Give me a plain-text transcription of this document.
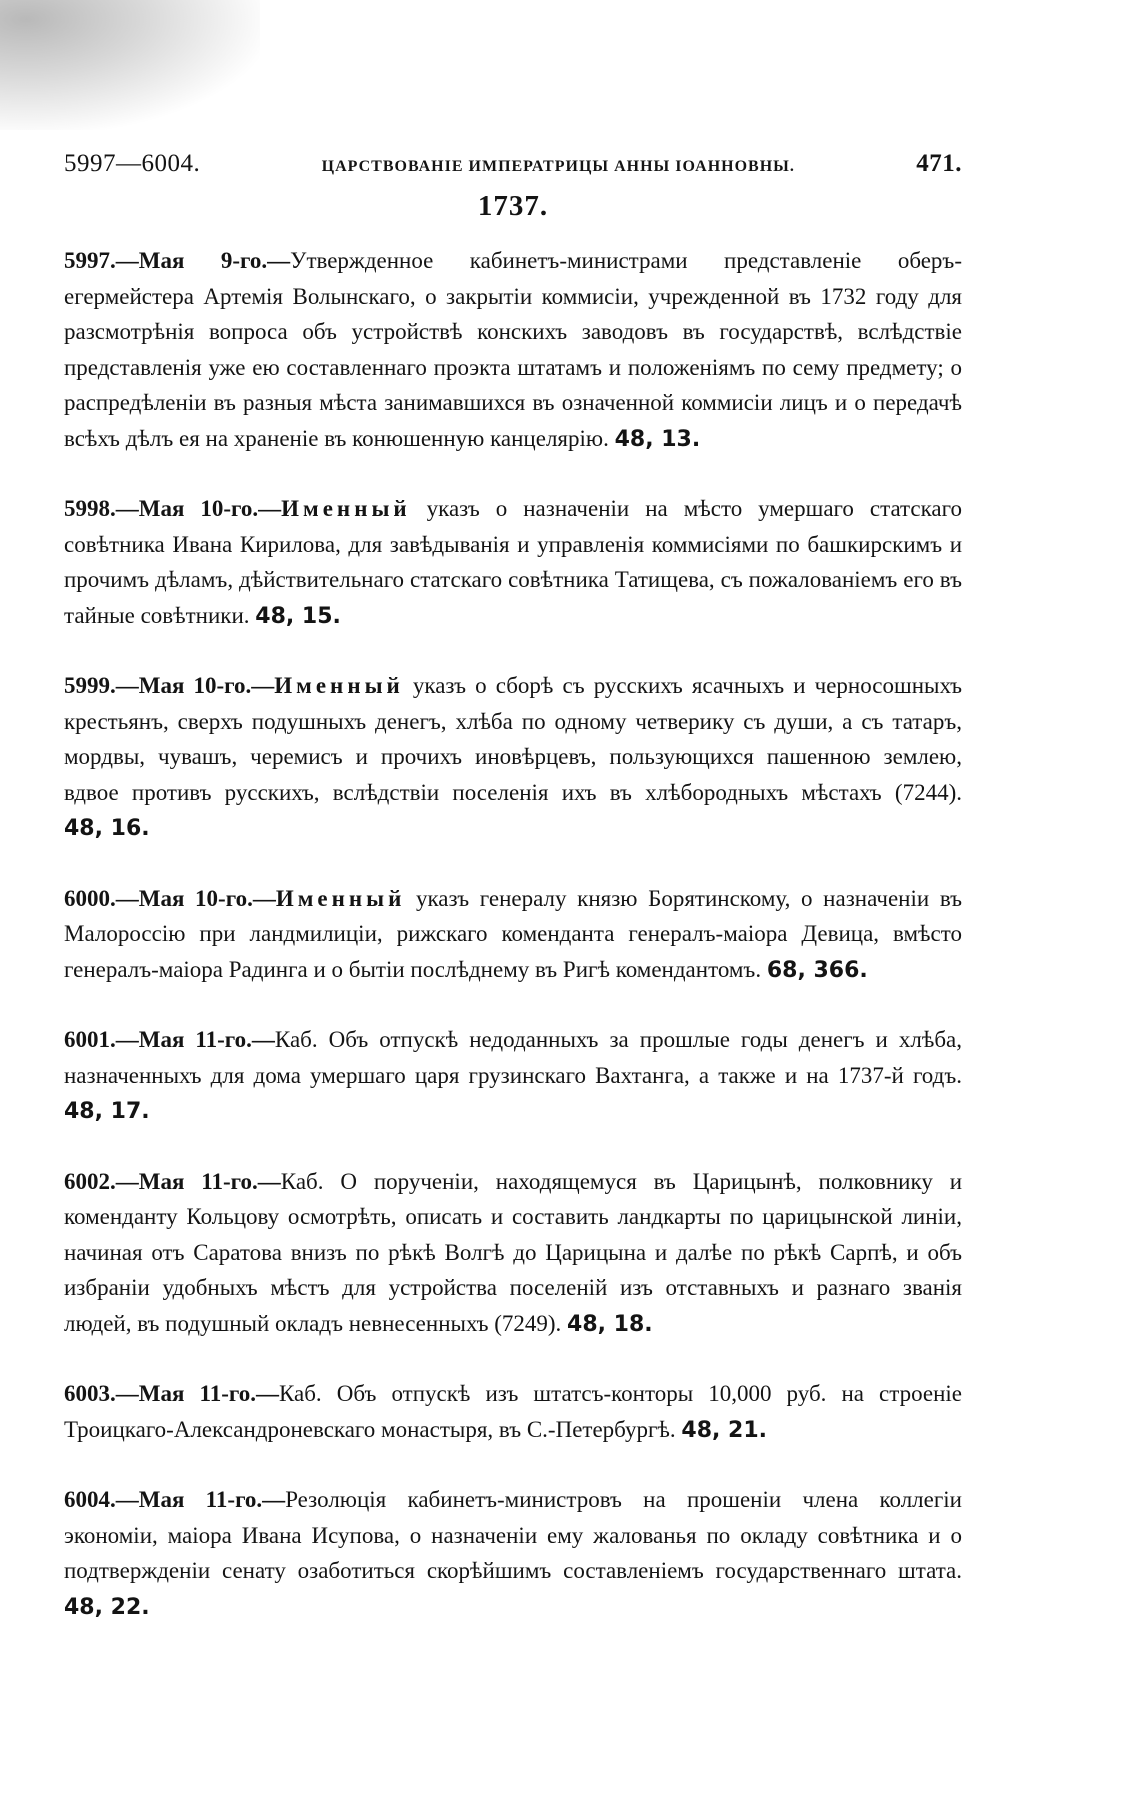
5997—6004.	ЦАРСТВОВАНІЕ ИМПЕРАТРИЦЫ АННЫ ІОАННОВНЫ.	471.
1737.
5997.—Мая 9-го.—Утвержденное кабинетъ-министрами представленіе оберъ-егермейстера Артемія Волынскаго, о закрытіи коммисіи, учрежденной въ 1732 году для разсмотрѣнія вопроса объ устройствѣ конскихъ заводовъ въ государствѣ, вслѣдствіе представленія уже ею составленнаго проэкта штатамъ и положеніямъ по сему предмету; о распредѣленіи въ разныя мѣста занимавшихся въ означенной коммисіи лицъ и о передачѣ всѣхъ дѣлъ ея на храненіе въ конюшенную канцелярію. 48, 13.
5998.—Мая 10-го.—Именный указъ о назначеніи на мѣсто умершаго статскаго совѣтника Ивана Кирилова, для завѣдыванія и управленія коммисіями по башкирскимъ и прочимъ дѣламъ, дѣйствительнаго статскаго совѣтника Татищева, съ пожалованіемъ его въ тайные совѣтники. 48, 15.
5999.—Мая 10-го.—Именный указъ о сборѣ съ русскихъ ясачныхъ и черносошныхъ крестьянъ, сверхъ подушныхъ денегъ, хлѣба по одному четверику съ души, а съ татаръ, мордвы, чувашъ, черемисъ и прочихъ иновѣрцевъ, пользующихся пашенною землею, вдвое противъ русскихъ, вслѣдствіи поселенія ихъ въ хлѣбородныхъ мѣстахъ (7244). 48, 16.
6000.—Мая 10-го.—Именный указъ генералу князю Борятинскому, о назначеніи въ Малороссію при ландмилиціи, рижскаго коменданта генералъ-маіора Девица, вмѣсто генералъ-маіора Радинга и о бытіи послѣднему въ Ригѣ комендантомъ. 68, 366.
6001.—Мая 11-го.—Каб. Объ отпускѣ недоданныхъ за прошлые годы денегъ и хлѣба, назначенныхъ для дома умершаго царя грузинскаго Вахтанга, а также и на 1737-й годъ. 48, 17.
6002.—Мая 11-го.—Каб. О порученіи, находящемуся въ Царицынѣ, полковнику и коменданту Кольцову осмотрѣть, описать и составить ландкарты по царицынской линіи, начиная отъ Саратова внизъ по рѣкѣ Волгѣ до Царицына и далѣе по рѣкѣ Сарпѣ, и объ избраніи удобныхъ мѣстъ для устройства поселеній изъ отставныхъ и разнаго званія людей, въ подушный окладъ невнесенныхъ (7249). 48, 18.
6003.—Мая 11-го.—Каб. Объ отпускѣ изъ штатсъ-конторы 10,000 руб. на строеніе Троицкаго-Александроневскаго монастыря, въ С.-Петербургѣ. 48, 21.
6004.—Мая 11-го.—Резолюція кабинетъ-министровъ на прошеніи члена коллегіи экономіи, маіора Ивана Исупова, о назначеніи ему жалованья по окладу совѣтника и о подтвержденіи сенату озаботиться скорѣйшимъ составленіемъ государственнаго штата. 48, 22.
